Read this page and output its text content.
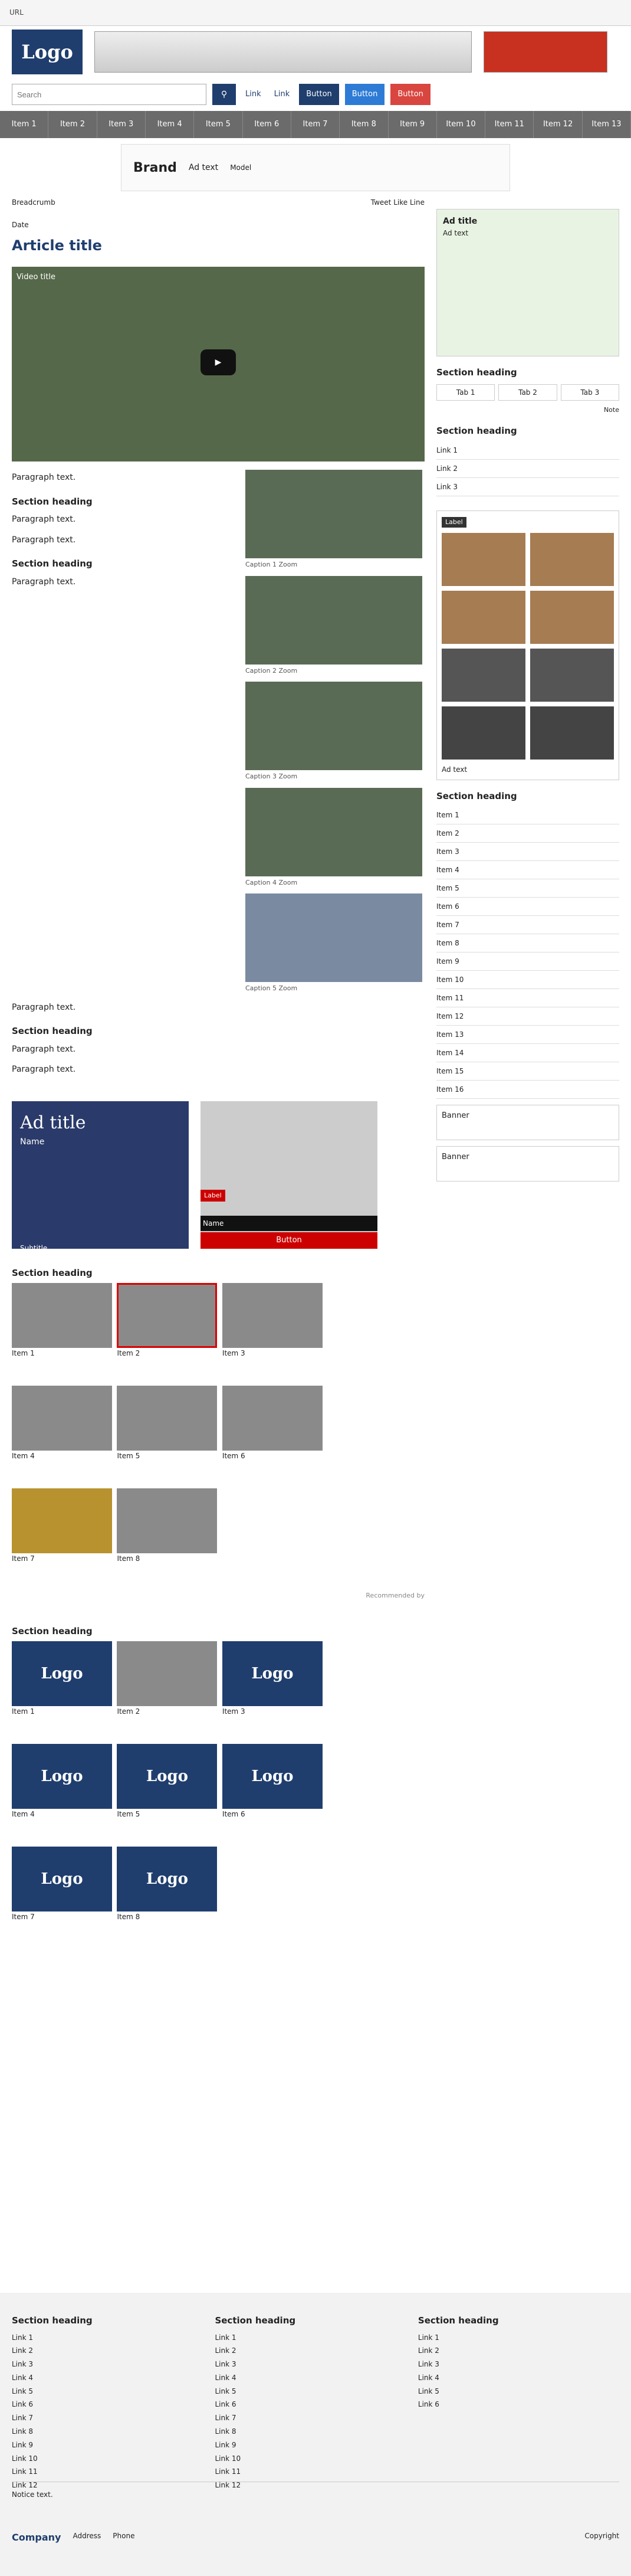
URL
Logo
Search
⚲	Link	Link	Button	Button	Button
Item 1	Item 2	Item 3	Item 4	Item 5	Item 6	Item 7	Item 8	Item 9	Item 10	Item 11	Item 12	Item 13
Brand Ad text Model
Breadcrumb	Tweet Like Line
Date
Article title
Video title
▶

Paragraph text.

Section heading

Paragraph text.

Paragraph text.

Section heading

Paragraph text.

Caption 1 Zoom
Caption 2 Zoom
Caption 3 Zoom
Caption 4 Zoom
Caption 5 Zoom

Paragraph text.

Section heading

Paragraph text.

Paragraph text.

Ad title
Name
Subtitle
Label
Name
Button
Section heading
Item 1
	Item 2
	Item 3

Item 4
	Item 5
	Item 6

Item 7
	Item 8
Recommended by
Section heading
Logo
Item 1
	Item 2

Logo
Item 3

Logo
Item 4

Logo
Item 5

Logo
Item 6

Logo
Item 7

Logo
Item 8
Ad title
Ad text
Section heading
Tab 1	Tab 2	Tab 3
Note
Section heading
Link 1
Link 2
Link 3
Label
Ad text
Section heading
Item 1
Item 2
Item 3
Item 4
Item 5
Item 6
Item 7
Item 8
Item 9
Item 10
Item 11
Item 12
Item 13
Item 14
Item 15
Item 16
Banner
Banner
Section heading
Link 1
Link 2
Link 3
Link 4
Link 5
Link 6
Link 7
Link 8
Link 9
Link 10
Link 11
Link 12

Section heading
Link 1
Link 2
Link 3
Link 4
Link 5
Link 6
Link 7
Link 8
Link 9
Link 10
Link 11
Link 12

Section heading
Link 1
Link 2
Link 3
Link 4
Link 5
Link 6
Notice text.
Company Address Phone	Copyright
